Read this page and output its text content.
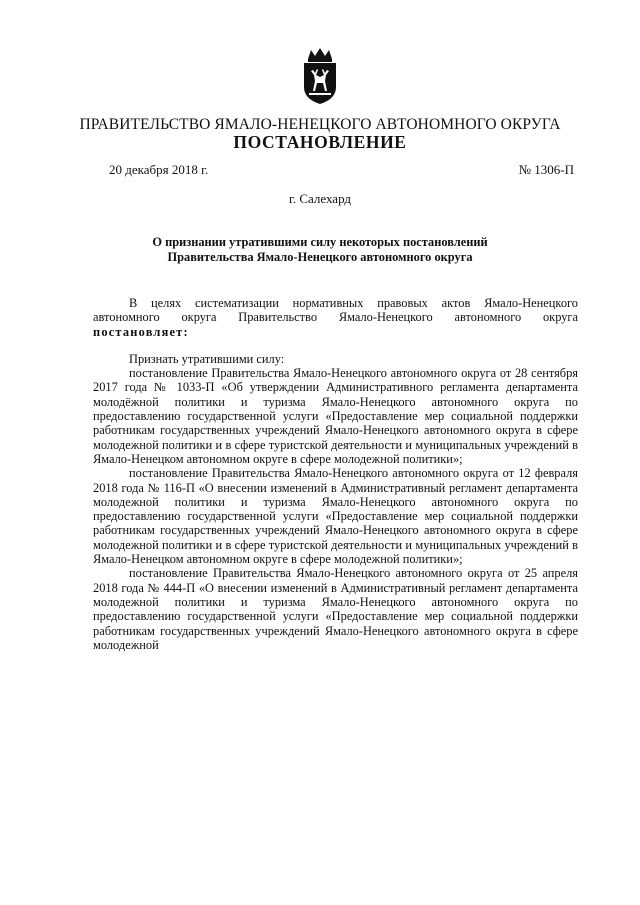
ПРАВИТЕЛЬСТВО ЯМАЛО-НЕНЕЦКОГО АВТОНОМНОГО ОКРУГА
ПОСТАНОВЛЕНИЕ
20 декабря 2018 г.	№ 1306-П
г. Салехард
О признании утратившими силу некоторых постановлений
Правительства Ямало-Ненецкого автономного округа

В целях систематизации нормативных правовых актов Ямало-Ненецкого автономного округа Правительство Ямало-Ненецкого автономного округа постановляет:

Признать утратившими силу:

постановление Правительства Ямало-Ненецкого автономного округа от 28 сентября 2017 года № 1033-П «Об утверждении Административного регламента департамента молодёжной политики и туризма Ямало-Ненецкого автономного округа по предоставлению государственной услуги «Предоставление мер социальной поддержки работникам государственных учреждений Ямало-Ненецкого автономного округа в сфере молодежной политики и в сфере туристской деятельности и муниципальных учреждений в Ямало-Ненецком автономном округе в сфере молодежной политики»;

постановление Правительства Ямало-Ненецкого автономного округа от 12 февраля 2018 года № 116-П «О внесении изменений в Административный регламент департамента молодежной политики и туризма Ямало-Ненецкого автономного округа по предоставлению государственной услуги «Предоставление мер социальной поддержки работникам государственных учреждений Ямало-Ненецкого автономного округа в сфере молодежной политики и в сфере туристской деятельности и муниципальных учреждений в Ямало-Ненецком автономном округе в сфере молодежной политики»;

постановление Правительства Ямало-Ненецкого автономного округа от 25 апреля 2018 года № 444-П «О внесении изменений в Административный регламент департамента молодежной политики и туризма Ямало-Ненецкого автономного округа по предоставлению государственной услуги «Предоставление мер социальной поддержки работникам государственных учреждений Ямало-Ненецкого автономного округа в сфере молодежной
